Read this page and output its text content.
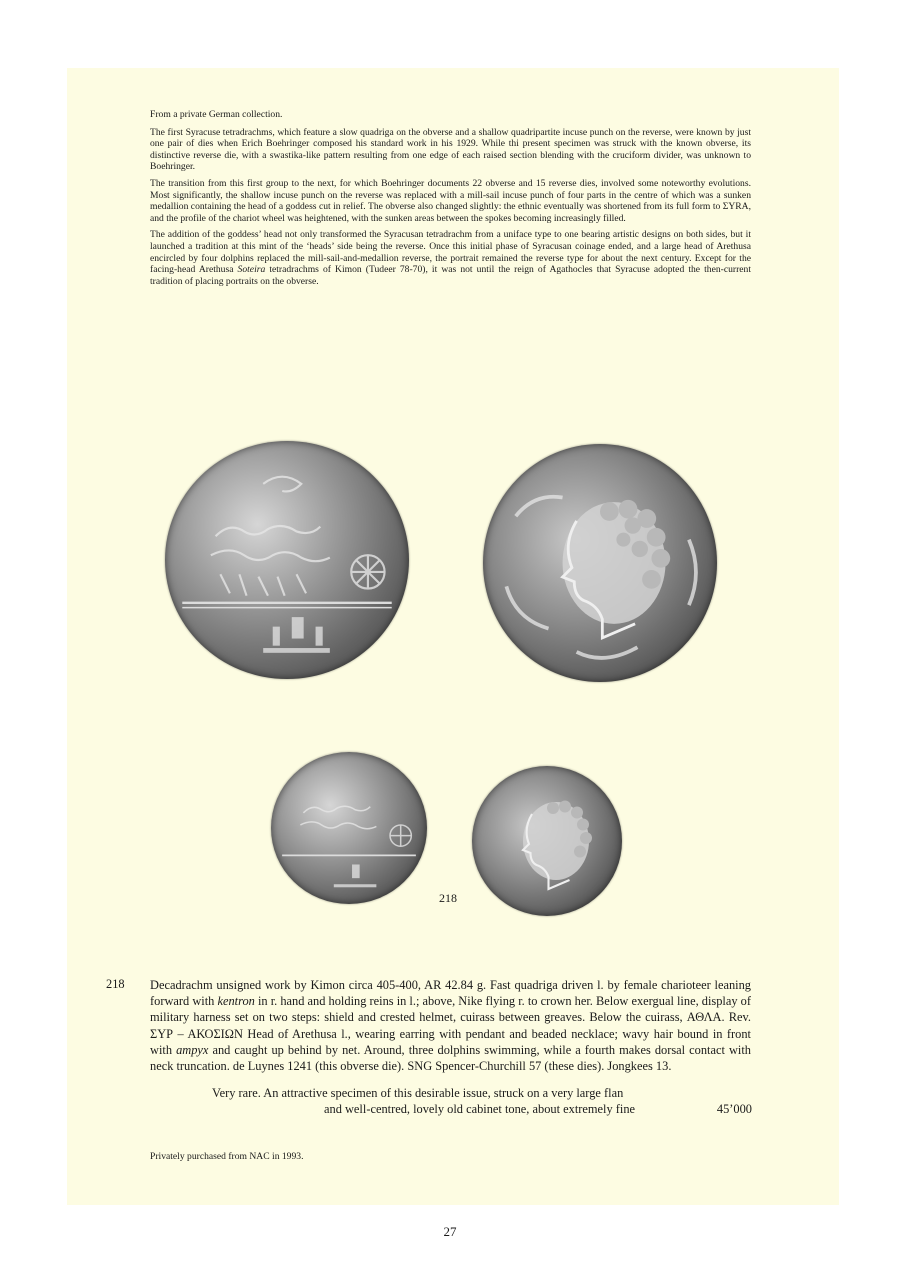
From a private German collection.

The first Syracuse tetradrachms, which feature a slow quadriga on the obverse and a shallow quadripartite incuse punch on the reverse, were known by just one pair of dies when Erich Boehringer composed his standard work in his 1929. While thi present specimen was struck with the known obverse, its distinctive reverse die, with a swastika-like pattern resulting from one edge of each raised section blending with the cruciform divider, was unknown to Boehringer.

The transition from this first group to the next, for which Boehringer documents 22 obverse and 15 reverse dies, involved some noteworthy evolutions. Most significantly, the shallow incuse punch on the reverse was replaced with a mill-sail incuse punch of four parts in the centre of which was a sunken medallion containing the head of a goddess cut in relief. The obverse also changed slightly: the ethnic eventually was shortened from its full form to ΣYRA, and the profile of the chariot wheel was heightened, with the sunken areas between the spokes becoming increasingly filled.

The addition of the goddess’ head not only transformed the Syracusan tetradrachm from a uniface type to one bearing artistic designs on both sides, but it launched a tradition at this mint of the ‘heads’ side being the reverse. Once this initial phase of Syracusan coinage ended, and a large head of Arethusa encircled by four dolphins replaced the mill-sail-and-medallion reverse, the portrait remained the reverse type for about the next century. Except for the facing-head Arethusa Soteira tetradrachms of Kimon (Tudeer 78-70), it was not until the reign of Agathocles that Syracuse adopted the then-current tradition of placing portraits on the obverse.

218
218 Decadrachm unsigned work by Kimon circa 405-400, AR 42.84 g. Fast quadriga driven l. by female charioteer leaning forward with kentron in r. hand and holding reins in l.; above, Nike flying r. to crown her. Below exergual line, display of military harness set on two steps: shield and crested helmet, cuirass between greaves. Below the cuirass, ΑΘΛΑ. Rev. ΣΥΡ – ΑΚΟΣΙΩΝ Head of Arethusa l., wearing earring with pendant and beaded necklace; wavy hair bound in front with ampyx and caught up behind by net. Around, three dolphins swimming, while a fourth makes dorsal contact with neck truncation. de Luynes 1241 (this obverse die). SNG Spencer-Churchill 57 (these dies). Jongkees 13.
Very rare. An attractive specimen of this desirable issue, struck on a very large flan
and well-centred, lovely old cabinet tone, about extremely fine	45’000
Privately purchased from NAC in 1993.
27
